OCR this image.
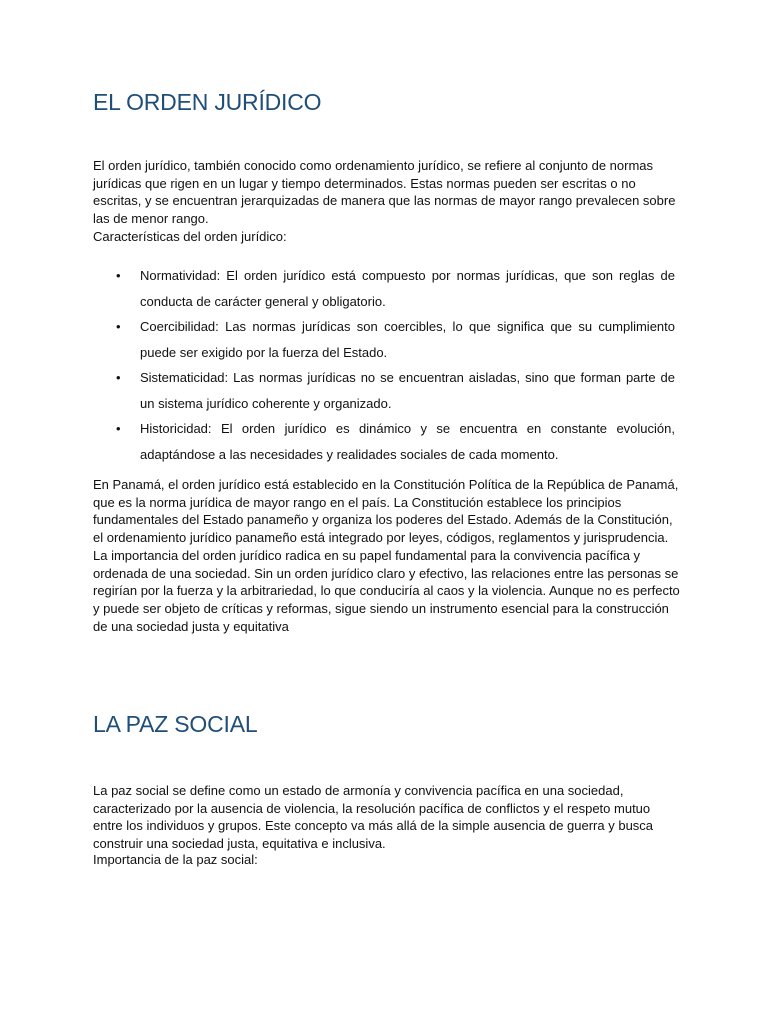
EL ORDEN JURÍDICO

El orden jurídico, también conocido como ordenamiento jurídico, se refiere al conjunto de normas jurídicas que rigen en un lugar y tiempo determinados. Estas normas pueden ser escritas o no escritas, y se encuentran jerarquizadas de manera que las normas de mayor rango prevalecen sobre las de menor rango.

Características del orden jurídico:

• Normatividad: El orden jurídico está compuesto por normas jurídicas, que son reglas de conducta de carácter general y obligatorio.
• Coercibilidad: Las normas jurídicas son coercibles, lo que significa que su cumplimiento puede ser exigido por la fuerza del Estado.
• Sistematicidad: Las normas jurídicas no se encuentran aisladas, sino que forman parte de un sistema jurídico coherente y organizado.
• Historicidad: El orden jurídico es dinámico y se encuentra en constante evolución, adaptándose a las necesidades y realidades sociales de cada momento.

En Panamá, el orden jurídico está establecido en la Constitución Política de la República de Panamá, que es la norma jurídica de mayor rango en el país. La Constitución establece los principios fundamentales del Estado panameño y organiza los poderes del Estado. Además de la Constitución, el ordenamiento jurídico panameño está integrado por leyes, códigos, reglamentos y jurisprudencia. La importancia del orden jurídico radica en su papel fundamental para la convivencia pacífica y ordenada de una sociedad. Sin un orden jurídico claro y efectivo, las relaciones entre las personas se regirían por la fuerza y la arbitrariedad, lo que conduciría al caos y la violencia. Aunque no es perfecto y puede ser objeto de críticas y reformas, sigue siendo un instrumento esencial para la construcción de una sociedad justa y equitativa

LA PAZ SOCIAL

La paz social se define como un estado de armonía y convivencia pacífica en una sociedad, caracterizado por la ausencia de violencia, la resolución pacífica de conflictos y el respeto mutuo entre los individuos y grupos. Este concepto va más allá de la simple ausencia de guerra y busca construir una sociedad justa, equitativa e inclusiva.

Importancia de la paz social:
